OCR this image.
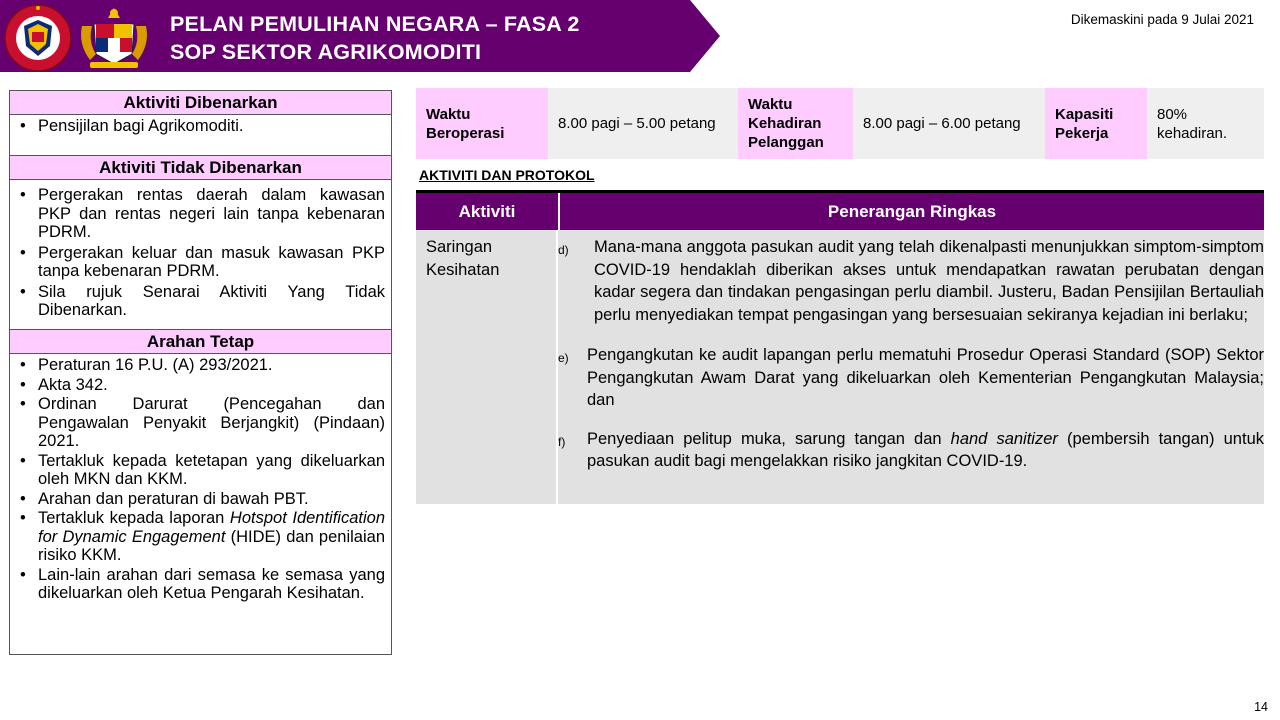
PELAN PEMULIHAN NEGARA – FASA 2
SOP SEKTOR AGRIKOMODITI
Dikemaskini pada 9 Julai 2021
Aktiviti Dibenarkan
• Pensijilan bagi Agrikomoditi.
Aktiviti Tidak Dibenarkan
• Pergerakan rentas daerah dalam kawasan PKP dan rentas negeri lain tanpa kebenaran PDRM.
• Pergerakan keluar dan masuk kawasan PKP tanpa kebenaran PDRM.
• Sila rujuk Senarai Aktiviti Yang Tidak Dibenarkan.
Arahan Tetap
• Peraturan 16 P.U. (A) 293/2021.
• Akta 342.
• Ordinan Darurat (Pencegahan dan Pengawalan Penyakit Berjangkit) (Pindaan) 2021.
• Tertakluk kepada ketetapan yang dikeluarkan oleh MKN dan KKM.
• Arahan dan peraturan di bawah PBT.
• Tertakluk kepada laporan Hotspot Identification for Dynamic Engagement (HIDE) dan penilaian risiko KKM.
• Lain-lain arahan dari semasa ke semasa yang dikeluarkan oleh Ketua Pengarah Kesihatan.
Waktu Beroperasi
8.00 pagi – 5.00 petang
Waktu Kehadiran Pelanggan
8.00 pagi – 6.00 petang
Kapasiti Pekerja
80% kehadiran.
AKTIVITI DAN PROTOKOL
Aktiviti	Penerangan Ringkas
Saringan Kesihatan
d) Mana-mana anggota pasukan audit yang telah dikenalpasti menunjukkan simptom-simptom COVID-19 hendaklah diberikan akses untuk mendapatkan rawatan perubatan dengan kadar segera dan tindakan pengasingan perlu diambil. Justeru, Badan Pensijilan Bertauliah perlu menyediakan tempat pengasingan yang bersesuaian sekiranya kejadian ini berlaku;
e) Pengangkutan ke audit lapangan perlu mematuhi Prosedur Operasi Standard (SOP) Sektor Pengangkutan Awam Darat yang dikeluarkan oleh Kementerian Pengangkutan Malaysia; dan
f) Penyediaan pelitup muka, sarung tangan dan hand sanitizer (pembersih tangan) untuk pasukan audit bagi mengelakkan risiko jangkitan COVID-19.
14
